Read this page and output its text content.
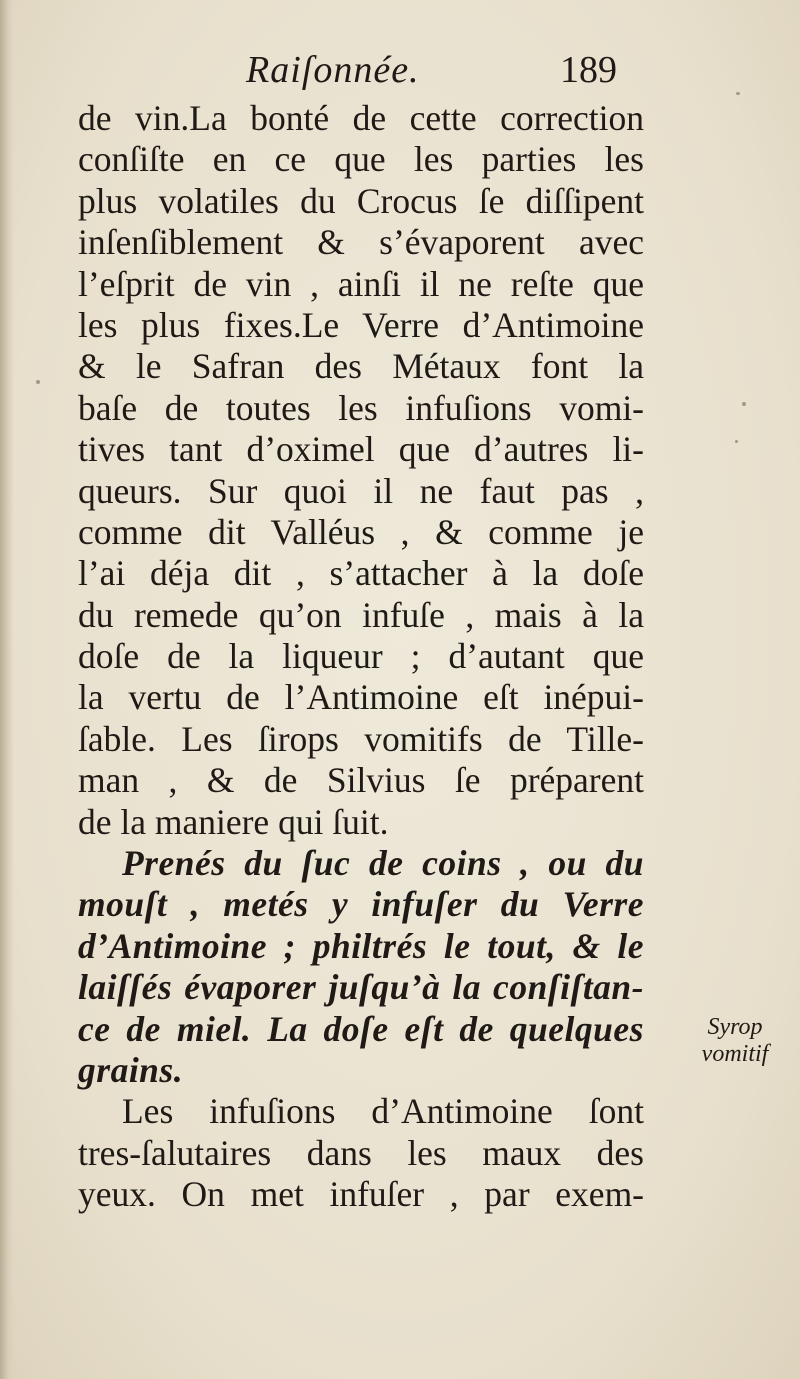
Raiſonnée.	189
de vin.La bonté de cette correction
conſiſte en ce que les parties les
plus volatiles du Crocus ſe diſſipent
inſenſiblement & s’évaporent avec
l’eſprit de vin , ainſi il ne reſte que
les plus fixes.Le Verre d’Antimoine
& le Safran des Métaux font la
baſe de toutes les infuſions vomi-
tives tant d’oximel que d’autres li-
queurs. Sur quoi il ne faut pas ,
comme dit Valléus , & comme je
l’ai déja dit , s’attacher à la doſe
du remede qu’on infuſe , mais à la
doſe de la liqueur ; d’autant que
la vertu de l’Antimoine eſt inépui-
ſable. Les ſirops vomitifs de Tille-
man , & de Silvius ſe préparent
de la maniere qui ſuit.
Prenés du ſuc de coins , ou du
mouſt , metés y infuſer du Verre
d’Antimoine ; philtrés le tout, & le
laiſſés évaporer juſqu’à la conſiſtan-
ce de miel. La doſe eſt de quelques
grains.
Les infuſions d’Antimoine ſont
tres-ſalutaires dans les maux des
yeux. On met infuſer , par exem-
Syrop
vomitif
